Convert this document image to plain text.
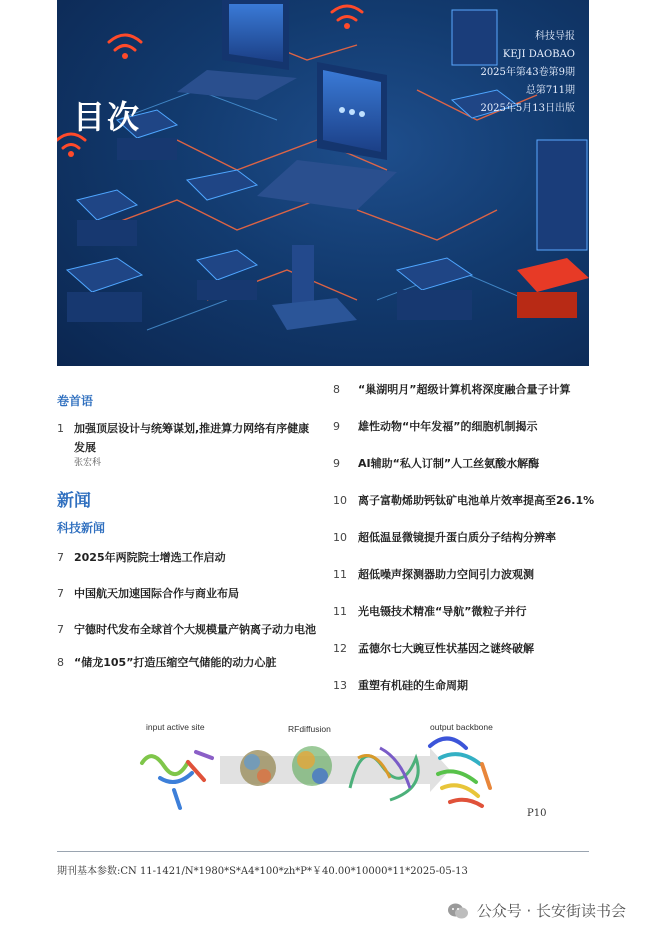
目次
科技导报
KEJI DAOBAO
2025年第43卷第9期
总第711期
2025年5月13日出版
卷首语
1 加强顶层设计与统筹谋划,推进算力网络有序健康发展
张宏科
新闻
科技新闻
7 2025年两院院士增选工作启动
7 中国航天加速国际合作与商业布局
7 宁德时代发布全球首个大规模量产钠离子动力电池
8 “储龙105”打造压缩空气储能的动力心脏
8	“巢湖明月”超级计算机将深度融合量子计算
9	雄性动物“中年发福”的细胞机制揭示
9	AI辅助“私人订制”人工丝氨酸水解酶
10	离子富勒烯助钙钛矿电池单片效率提高至26.1%
10	超低温显微镜提升蛋白质分子结构分辨率
11	超低噪声探测器助力空间引力波观测
11	光电镊技术精准“导航”微粒子并行
12	孟德尔七大豌豆性状基因之谜终破解
13	重塑有机硅的生命周期
input active site	RFdiffusion	output backbone
P10
期刊基本参数:CN 11-1421/N*1980*S*A4*100*zh*P*￥40.00*10000*11*2025-05-13
公众号 · 长安街读书会
